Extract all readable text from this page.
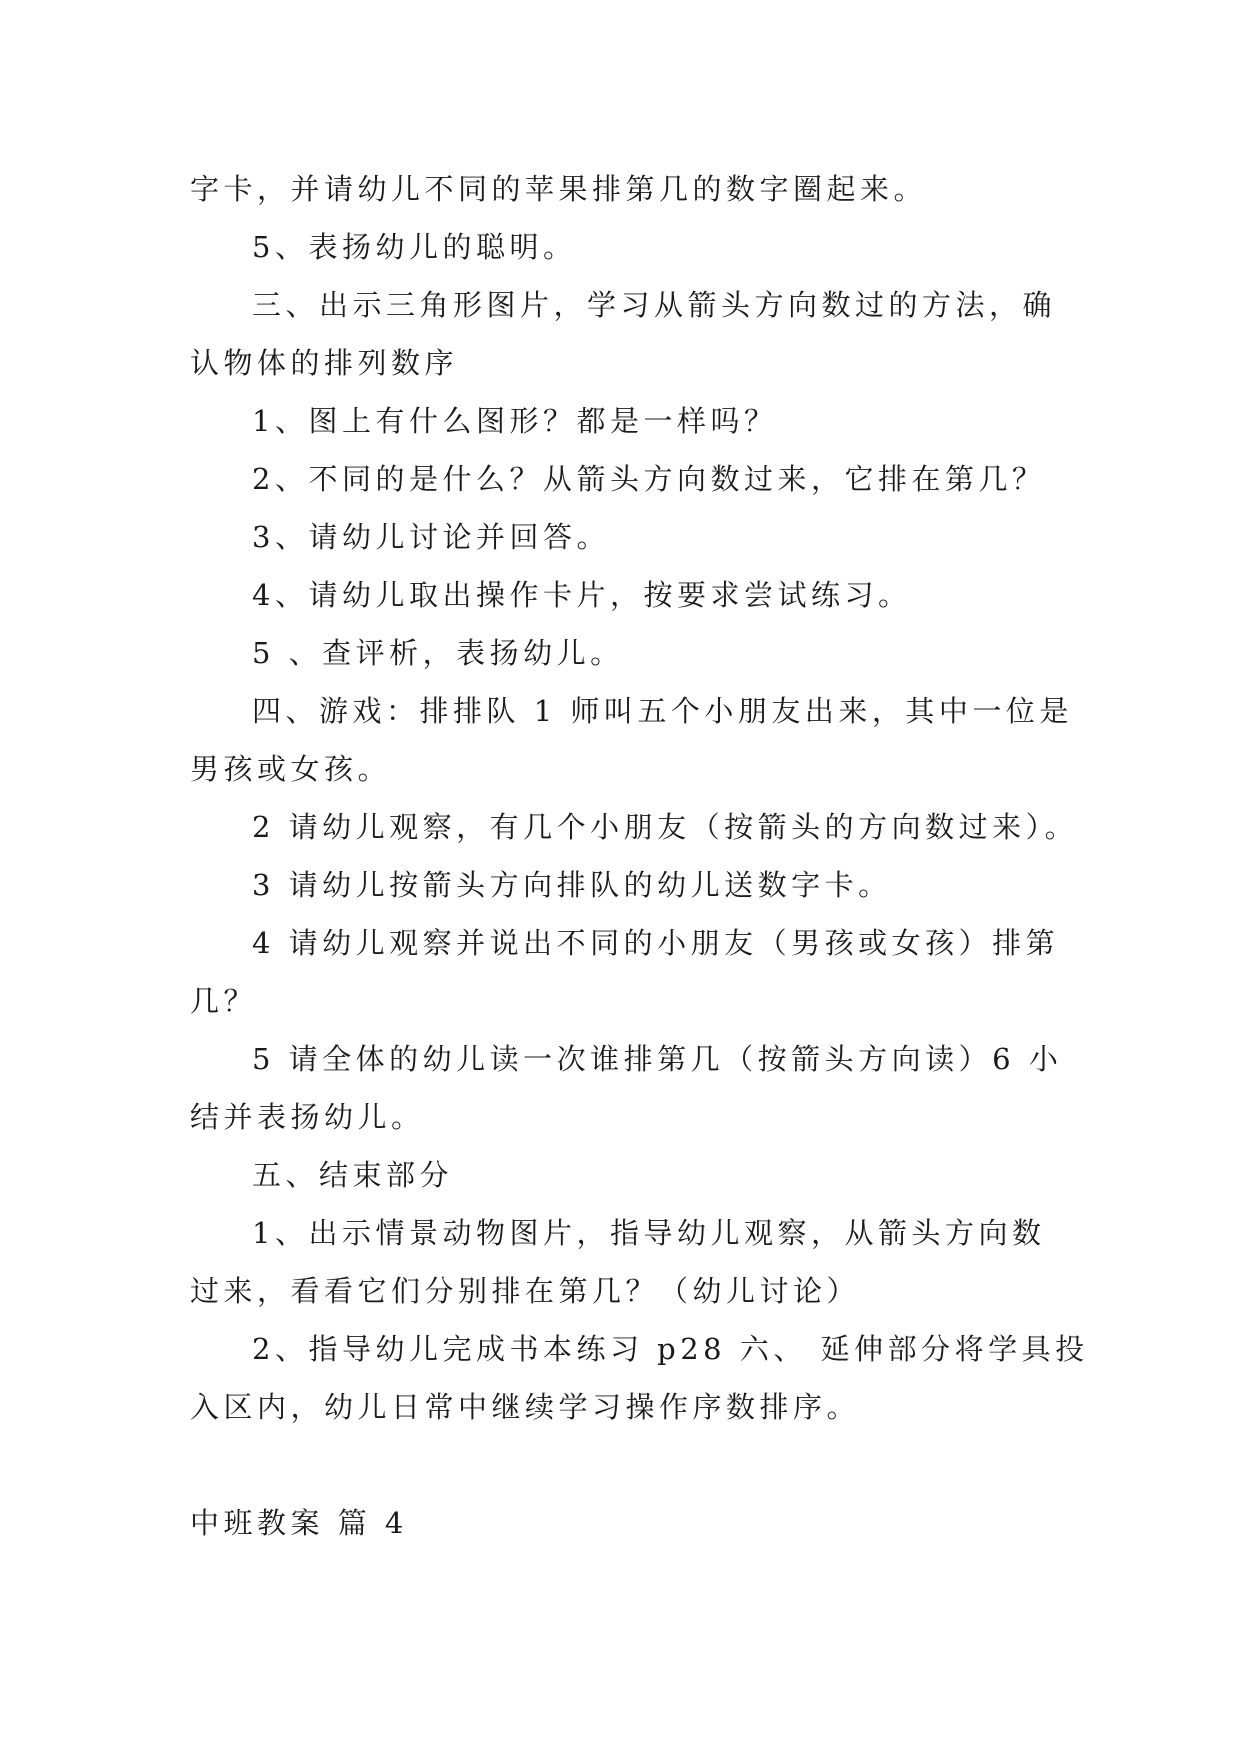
字卡，并请幼儿不同的苹果排第几的数字圈起来。
5、表扬幼儿的聪明。
三、出示三角形图片，学习从箭头方向数过的方法，确
认物体的排列数序
1、图上有什么图形？都是一样吗？
2、不同的是什么？从箭头方向数过来，它排在第几？
3、请幼儿讨论并回答。
4、请幼儿取出操作卡片，按要求尝试练习。
5 、查评析，表扬幼儿。
四、游戏：排排队 1 师叫五个小朋友出来，其中一位是
男孩或女孩。
2 请幼儿观察，有几个小朋友（按箭头的方向数过来）。
3 请幼儿按箭头方向排队的幼儿送数字卡。
4 请幼儿观察并说出不同的小朋友（男孩或女孩）排第
几？
5 请全体的幼儿读一次谁排第几（按箭头方向读）6 小
结并表扬幼儿。
五、结束部分
1、出示情景动物图片，指导幼儿观察，从箭头方向数
过来，看看它们分别排在第几？（幼儿讨论）
2、指导幼儿完成书本练习 p28 六、 延伸部分将学具投
入区内，幼儿日常中继续学习操作序数排序。
中班教案 篇 4
